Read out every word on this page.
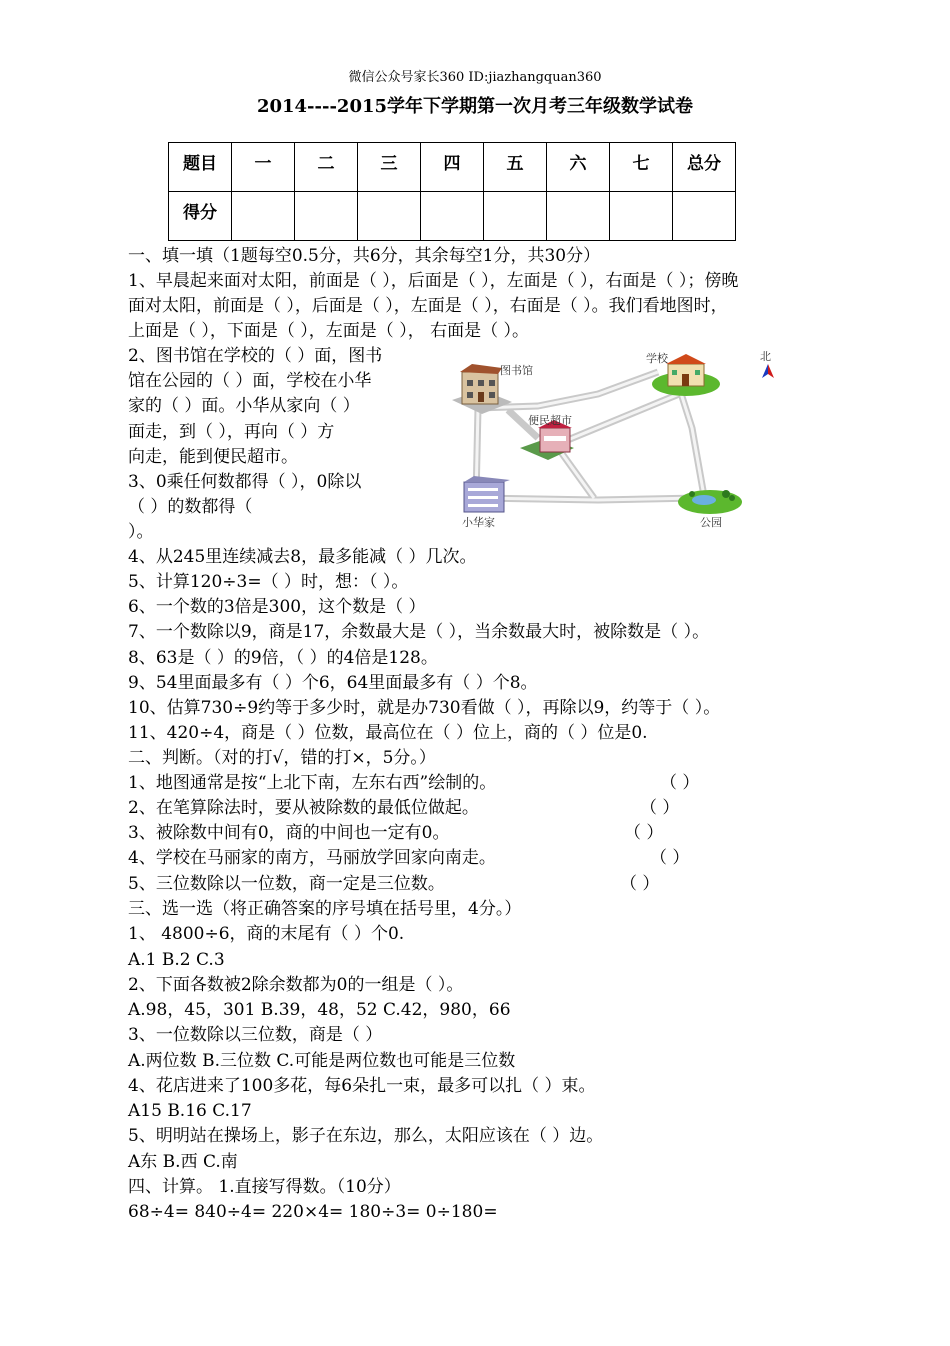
微信公众号家长360 ID:jiazhangquan360
2014----2015学年下学期第一次月考三年级数学试卷
题目	一	二	三	四	五	六	七	总分
得分								
一、填一填（1题每空0.5分，共6分，其余每空1分，共30分）
1、早晨起来面对太阳，前面是（ ），后面是（ ），左面是（ ），右面是（ ）；傍晚
面对太阳，前面是（ ），后面是（ ），左面是（ ），右面是（ ）。我们看地图时，
上面是（ ），下面是（ ），左面是（ ）， 右面是（ ）。
2、图书馆在学校的（ ）面，图书
馆在公园的（ ）面，学校在小华
家的（ ）面。小华从家向（ ）
面走，到（ ），再向（ ）方
向走，能到便民超市。
3、0乘任何数都得（ ），0除以
（ ）的数都得（
）。
图书馆
学校	北
便民超市
小华家	公园
4、从245里连续减去8，最多能减（ ）几次。
5、计算120÷3=（ ）时，想：（ ）。
6、一个数的3倍是300，这个数是（ ）
7、一个数除以9，商是17，余数最大是（ ），当余数最大时，被除数是（ ）。
8、63是（ ）的9倍，（ ）的4倍是128。
9、54里面最多有（ ）个6，64里面最多有（ ）个8。
10、估算730÷9约等于多少时，就是办730看做（ ），再除以9，约等于（ ）。
11、420÷4，商是（ ）位数，最高位在（ ）位上，商的（ ）位是0.
二、判断。（对的打√，错的打×，5分。）
1、地图通常是按“上北下南，左东右西”绘制的。	（ ）
2、在笔算除法时，要从被除数的最低位做起。	（ ）
3、被除数中间有0，商的中间也一定有0。	（ ）
4、学校在马丽家的南方，马丽放学回家向南走。	（ ）
5、三位数除以一位数，商一定是三位数。	（ ）
三、选一选（将正确答案的序号填在括号里，4分。）
1、 4800÷6，商的末尾有（ ）个0.
A.1 B.2 C.3
2、下面各数被2除余数都为0的一组是（ ）。
A.98，45，301 B.39，48，52 C.42，980，66
3、一位数除以三位数，商是（ ）
A.两位数 B.三位数 C.可能是两位数也可能是三位数
4、花店进来了100多花，每6朵扎一束，最多可以扎（ ）束。
A15 B.16 C.17
5、明明站在操场上，影子在东边，那么，太阳应该在（ ）边。
A东 B.西 C.南
四、计算。 1.直接写得数。（10分）
68÷4= 840÷4= 220×4= 180÷3= 0÷180=
